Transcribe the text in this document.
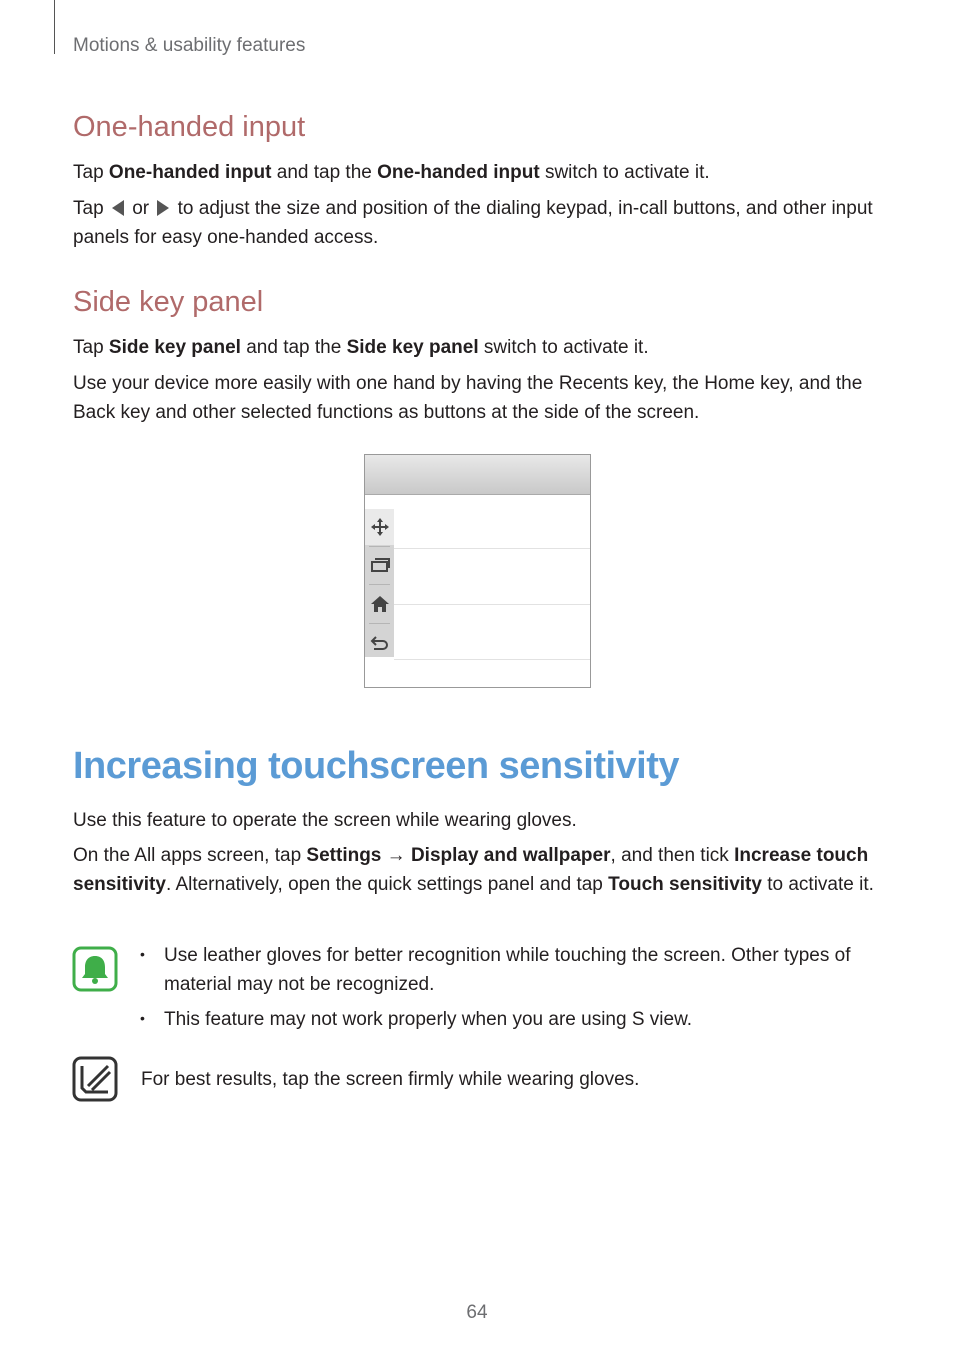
Motions & usability features
One-handed input

Tap One-handed input and tap the One-handed input switch to activate it.

Tap  or  to adjust the size and position of the dialing keypad, in-call buttons, and other input panels for easy one-handed access.

Side key panel

Tap Side key panel and tap the Side key panel switch to activate it.

Use your device more easily with one hand by having the Recents key, the Home key, and the Back key and other selected functions as buttons at the side of the screen.

Increasing touchscreen sensitivity

Use this feature to operate the screen while wearing gloves.

On the All apps screen, tap Settings → Display and wallpaper, and then tick Increase touch sensitivity. Alternatively, open the quick settings panel and tap Touch sensitivity to activate it.

• Use leather gloves for better recognition while touching the screen. Other types of material may not be recognized.

• This feature may not work properly when you are using S view.

For best results, tap the screen firmly while wearing gloves.

64
